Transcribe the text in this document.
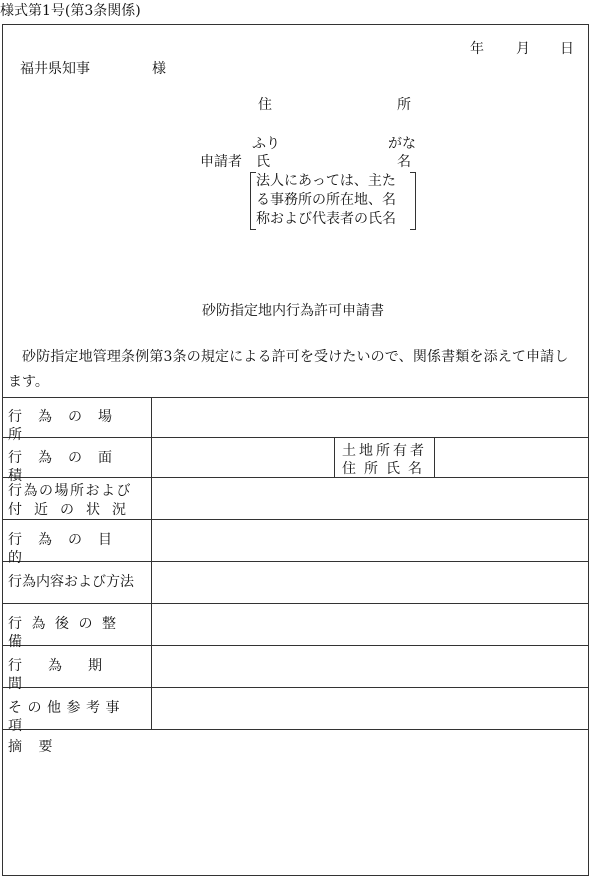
様式第1号(第3条関係)
年 月 日
福井県知事	様
住	所
ふり	がな
申請者 氏	名
法人にあっては、主た
る事務所の所在地、名
称および代表者の氏名
砂防指定地内行為許可申請書
砂防指定地管理条例第3条の規定による許可を受けたいので、関係書類を添えて申請し
ます。
行為の場所
行為の面積
土地所有者
住所氏名
行為の場所および
付近の状況
行為の目的
行為内容および方法
行為後の整備
行為期間
その他参考事項
摘 要
